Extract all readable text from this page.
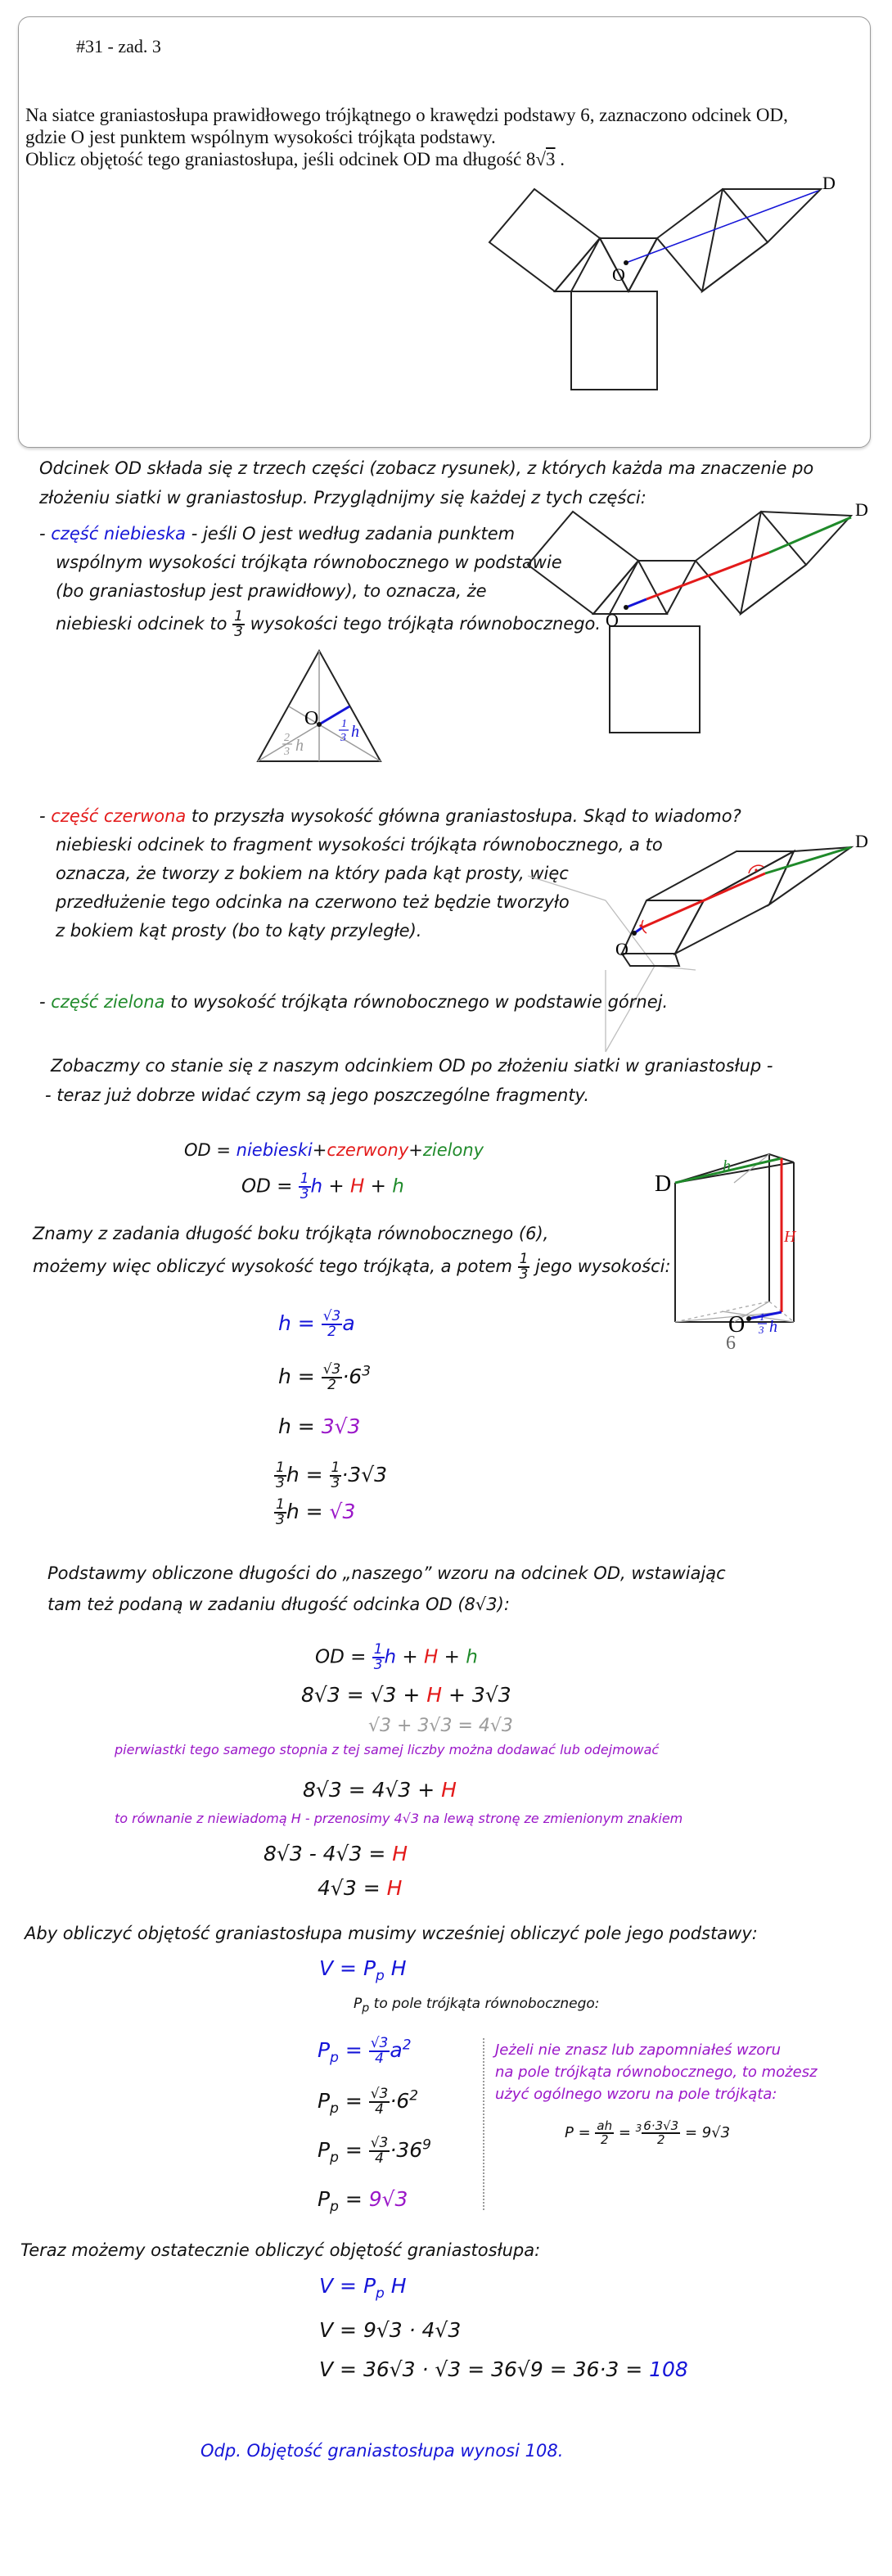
#31 - zad. 3
Na siatce graniastosłupa prawidłowego trójkątnego o krawędzi podstawy 6, zaznaczono odcinek OD,
gdzie O jest punktem wspólnym wysokości trójkąta podstawy.
Oblicz objętość tego graniastosłupa, jeśli odcinek OD ma długość 8√3 .
O
D
Odcinek OD składa się z trzech części (zobacz rysunek), z których każda ma znaczenie po
złożeniu siatki w graniastosłup. Przyglądnijmy się każdej z tych części:
- część niebieska - jeśli O jest według zadania punktem
wspólnym wysokości trójkąta równobocznego w podstawie
(bo graniastosłup jest prawidłowy), to oznacza, że
niebieski odcinek to $\frac{1}{3}$ wysokości tego trójkąta równobocznego. O
D
O
2
3 h
1
3 h
- część czerwona to przyszła wysokość główna graniastosłupa. Skąd to wiadomo?
niebieski odcinek to fragment wysokości trójkąta równobocznego, a to
oznacza, że tworzy z bokiem na który pada kąt prosty, więc
przedłużenie tego odcinka na czerwono też będzie tworzyło
z bokiem kąt prosty (bo to kąty przyległe).
O
D
- część zielona to wysokość trójkąta równobocznego w podstawie górnej.
Zobaczmy co stanie się z naszym odcinkiem OD po złożeniu siatki w graniastosłup -
- teraz już dobrze widać czym są jego poszczególne fragmenty.
OD = niebieski+czerwony+zielony
OD = $\frac{1}{3}$ h + H + h
Znamy z zadania długość boku trójkąta równobocznego (6),
możemy więc obliczyć wysokość tego trójkąta, a potem $\frac{1}{3}$ jego wysokości:
D
O
h
H
1
3 h
6
$h = \frac{√3}{2}$ a
$h = \frac{√3}{2} \cdot 6^3$
h = 3√3
$\frac{1}{3}$ $h = \frac{1}{3} \cdot 3√3$
$\frac{1}{3}$ h = √3
Podstawmy obliczone długości do „naszego” wzoru na odcinek OD, wstawiając
tam też podaną w zadaniu długość odcinka OD (8√3):
OD = $\frac{1}{3}$ h + H + h
8√3 = √3 + H + 3√3
√3 + 3√3 = 4√3
pierwiastki tego samego stopnia z tej samej liczby można dodawać lub odejmować
8√3 = 4√3 + H
to równanie z niewiadomą H - przenosimy 4√3 na lewą stronę ze zmienionym znakiem
8√3 - 4√3 = H
4√3 = H
Aby obliczyć objętość graniastosłupa musimy wcześniej obliczyć pole jego podstawy:
$V = P_p$ H
$P_p$ to pole trójkąta równobocznego:
$P_p = \frac{√3}{4} a^2$
$P_p = \frac{√3}{4} \cdot 6^2$
$P_p = \frac{√3}{4} \cdot 36^9$
$P_p = 9√3$
Jeżeli nie znasz lub zapomniałeś wzoru
na pole trójkąta równobocznego, to możesz
użyć ogólnego wzoru na pole trójkąta:
$P = \frac{ah}{2} = ^3 \frac{6\cdot 3√3}{2} = 9√3$
Teraz możemy ostatecznie obliczyć objętość graniastosłupa:
$V = P_p$ H
V = 9√3 · 4√3
V = 36√3 · √3 = 36√9 = 36·3 = 108
Odp. Objętość graniastosłupa wynosi 108.
